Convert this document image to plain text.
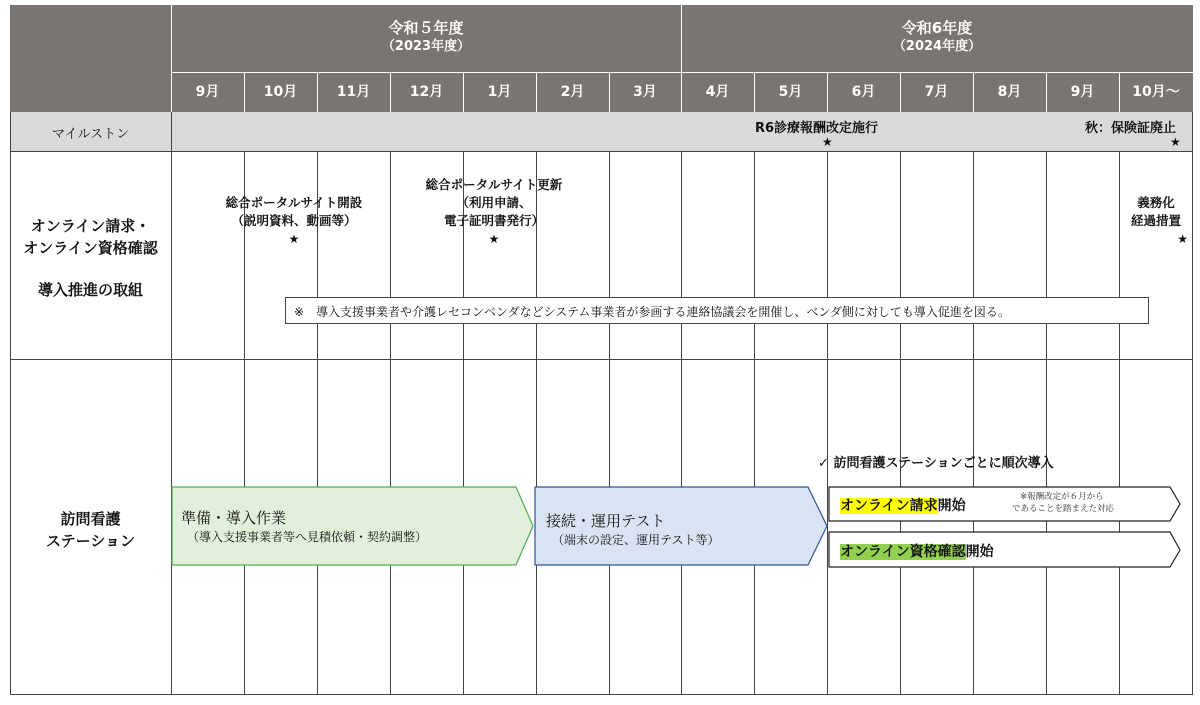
令和５年度
（2023年度）
令和6年度
（2024年度）
9月	10月	11月	12月	1月	2月	3月	4月	5月	6月	7月	8月	9月	10月～
マイルストン	R6診療報酬改定施行
★
秋：保険証廃止
★
オンライン請求・
オンライン資格確認
導入推進の取組
総合ポータルサイト開設
（説明資料、動画等）
★
総合ポータルサイト更新
（利用申請、
電子証明書発行）
★
義務化
経過措置
★
※　導入支援事業者や介護レセコンベンダなどシステム事業者が参画する連絡協議会を開催し、ベンダ側に対しても導入促進を図る。
訪問看護
ステーション
準備・導入作業
（導入支援事業者等へ見積依頼・契約調整）
接続・運用テスト
（端末の設定、運用テスト等）
✓ 訪問看護ステーションごとに順次導入
オンライン請求開始
※報酬改定が６月から
であることを踏まえた対応
オンライン資格確認開始
